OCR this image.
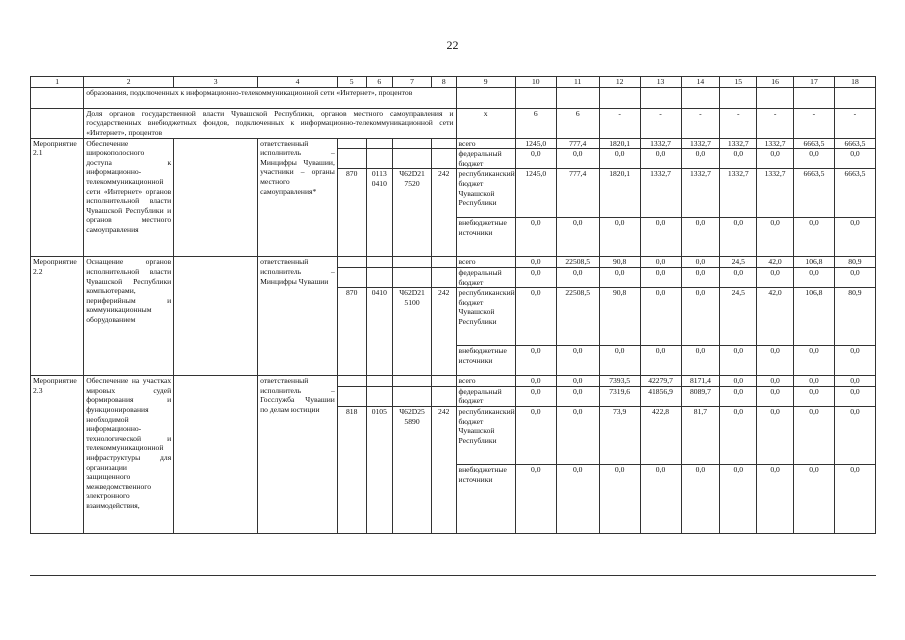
22
1	2	3	4	5	6	7	8	9	10	11	12	13	14	15	16	17	18
	образования, подключенных к информационно-телекоммуникационной сети «Интернет», процентов																
	Доля органов государственной власти Чувашской Республики, органов местного самоуправления и государственных внебюджетных фондов, подключенных к информационно-телекоммуникационной сети «Интернет», процентов							x	6	6	-	-	-	-	-	-	-
Мероприятие 2.1	Обеспечение широкополосного доступа к информационно-телекоммуникационной сети «Интернет» органов исполнительной власти Чувашской Республики и органов местного самоуправления		ответственный исполнитель – Минцифры Чувашии, участники – органы местного самоуправления*					всего	1245,0	777,4	1820,1	1332,7	1332,7	1332,7	1332,7	6663,5	6663,5
								федеральный бюджет	0,0	0,0	0,0	0,0	0,0	0,0	0,0	0,0	0,0
				870	0113 0410	Ч62D21 7520	242	республиканский бюджет Чувашской Республики	1245,0	777,4	1820,1	1332,7	1332,7	1332,7	1332,7	6663,5	6663,5
								внебюджетные источники	0,0	0,0	0,0	0,0	0,0	0,0	0,0	0,0	0,0
Мероприятие 2.2	Оснащение органов исполнительной власти Чувашской Республики компьютерами, периферийным и коммуникационным оборудованием		ответственный исполнитель – Минцифры Чувашии					всего	0,0	22508,5	90,8	0,0	0,0	24,5	42,0	106,8	80,9
								федеральный бюджет	0,0	0,0	0,0	0,0	0,0	0,0	0,0	0,0	0,0
				870	0410	Ч62D21 5100	242	республиканский бюджет Чувашской Республики	0,0	22508,5	90,8	0,0	0,0	24,5	42,0	106,8	80,9
								внебюджетные источники	0,0	0,0	0,0	0,0	0,0	0,0	0,0	0,0	0,0
Мероприятие 2.3	Обеспечение на участках мировых судей формирования и функционирования необходимой информационно-технологической и телекоммуникационной инфраструктуры для организации защищенного межведомственного электронного взаимодействия,		ответственный исполнитель – Госслужба Чувашии по делам юстиции					всего	0,0	0,0	7393,5	42279,7	8171,4	0,0	0,0	0,0	0,0
								федеральный бюджет	0,0	0,0	7319,6	41856,9	8089,7	0,0	0,0	0,0	0,0
				818	0105	Ч62D25 5890	242	республиканский бюджет Чувашской Республики	0,0	0,0	73,9	422,8	81,7	0,0	0,0	0,0	0,0
								внебюджетные источники	0,0	0,0	0,0	0,0	0,0	0,0	0,0	0,0	0,0
